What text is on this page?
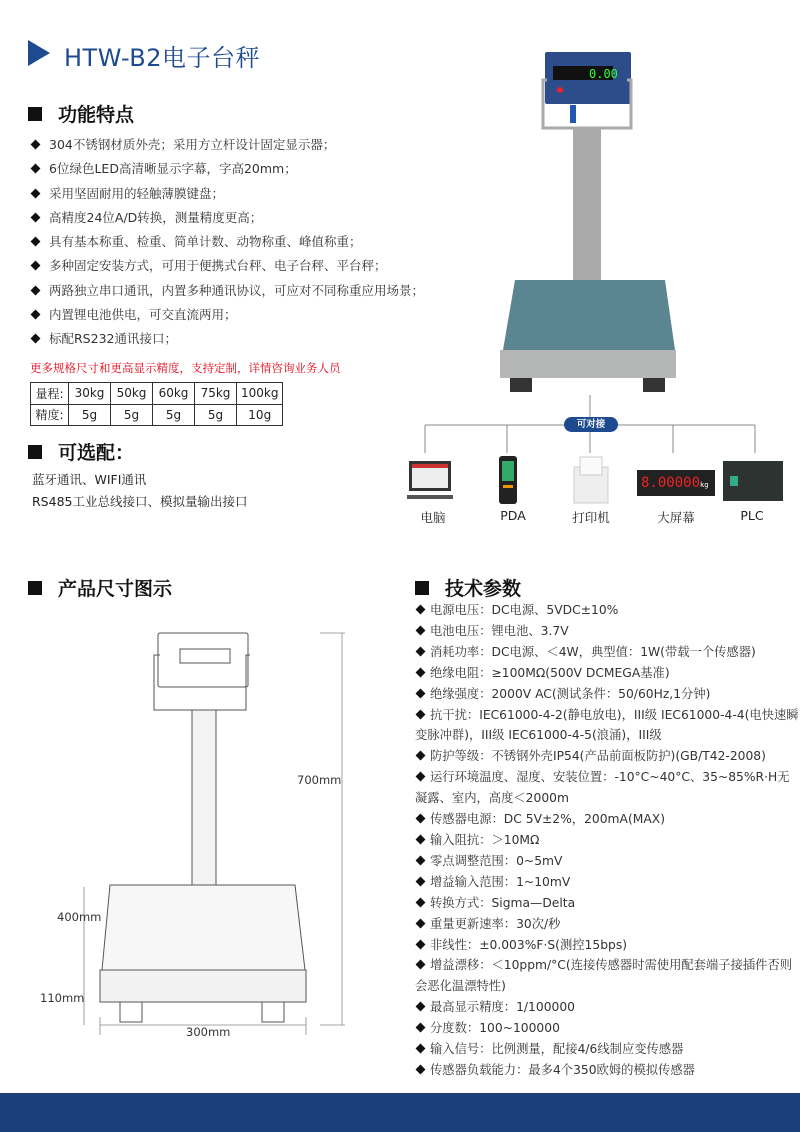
HTW-B2电子台秤
功能特点
304不锈钢材质外壳；采用方立杆设计固定显示器；
6位绿色LED高清晰显示字幕，字高20mm；
采用坚固耐用的轻触薄膜键盘；
高精度24位A/D转换，测量精度更高；
具有基本称重、检重、简单计数、动物称重、峰值称重；
多种固定安装方式，可用于便携式台秤、电子台秤、平台秤；
两路独立串口通讯，内置多种通讯协议，可应对不同称重应用场景；
内置锂电池供电，可交直流两用；
标配RS232通讯接口；
更多规格尺寸和更高显示精度，支持定制，详情咨询业务人员
量程:	30kg	50kg	60kg	75kg	100kg
精度:	5g	5g	5g	5g	10g
可选配：
蓝牙通讯、WIFI通讯
RS485工业总线接口、模拟量输出接口
0.00
可对接
8.00000kg
电脑	PDA	打印机	大屏幕	PLC
产品尺寸图示
700mm
400mm
110mm
300mm
技术参数
电源电压：DC电源、5VDC±10%
电池电压：锂电池、3.7V
消耗功率：DC电源、＜4W，典型值：1W(带载一个传感器)
绝缘电阻：≥100MΩ(500V DCMEGA基准)
绝缘强度：2000V AC(测试条件：50/60Hz,1分钟)
抗干扰：IEC61000-4-2(静电放电)，III级 IEC61000-4-4(电快速瞬变脉冲群)，III级 IEC61000-4-5(浪涌)，III级
防护等级：不锈钢外壳IP54(产品前面板防护)(GB/T42-2008)
运行环境温度、湿度、安装位置：-10°C~40°C、35~85%R·H无凝露、室内，高度＜2000m
传感器电源：DC 5V±2%，200mA(MAX)
输入阻抗：＞10MΩ
零点调整范围：0~5mV
增益输入范围：1~10mV
转换方式：Sigma—Delta
重量更新速率：30次/秒
非线性：±0.003%F·S(测控15bps)
增益漂移：＜10ppm/°C(连接传感器时需使用配套端子接插件否则会恶化温漂特性)
最高显示精度：1/100000
分度数：100~100000
输入信号：比例测量，配接4/6线制应变传感器
传感器负载能力：最多4个350欧姆的模拟传感器
